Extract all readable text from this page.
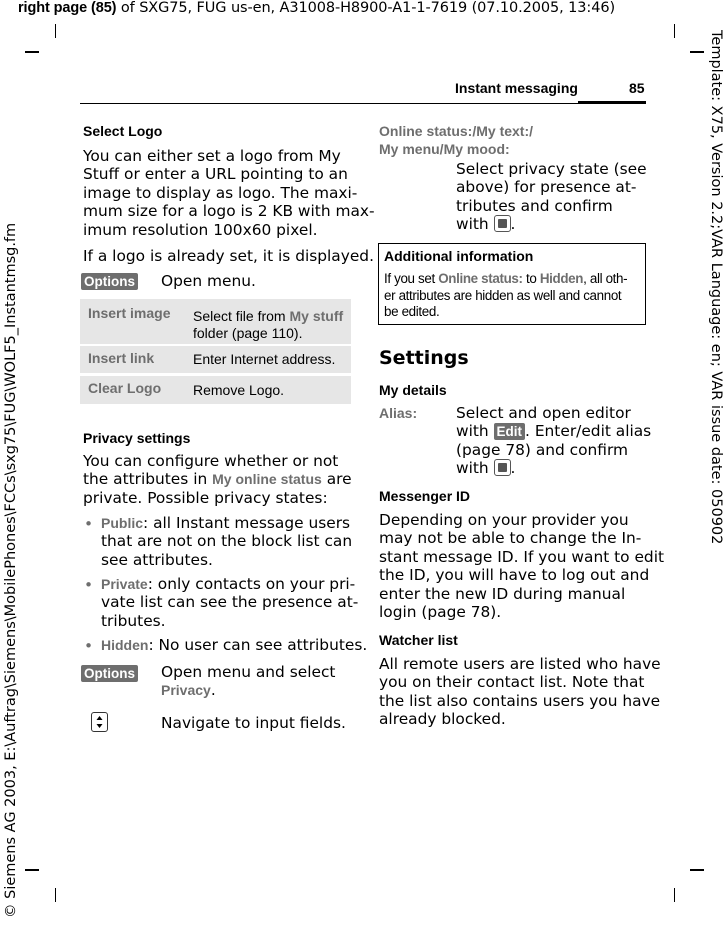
right page (85) of SXG75, FUG us-en, A31008-H8900-A1-1-7619 (07.10.2005, 13:46)
© Siemens AG 2003, E:\Auftrag\Siemens\MobilePhones\FCCs\sxg75\FUG\WOLF5_Instantmsg.fm	Template: X75, Version 2.2;VAR Language: en; VAR issue date: 050902
Instant messaging	85
Select Logo

You can either set a logo from My

Stuff or enter a URL pointing to an

image to display as logo. The maxi-

mum size for a logo is 2 KB with max-

imum resolution 100x60 pixel.

If a logo is already set, it is displayed.
Options Open menu.
Insert image Select file from My stuff
folder (page 110).
Insert link	Enter Internet address.
Clear Logo Remove Logo.
Privacy settings

You can configure whether or not

the attributes in My online status are

private. Possible privacy states:

• Public: all Instant message users

that are not on the block list can

see attributes.

• Private: only contacts on your pri-

vate list can see the presence at-

tributes.

• Hidden: No user can see attributes.

Options Open menu and select

Privacy.

Navigate to input fields.
Online status:/My text:/
My menu/My mood:

Select privacy state (see

above) for presence at-

tributes and confirm

with .

Additional information
If you set Online status: to Hidden, all oth-
er attributes are hidden as well and cannot
be edited.
Settings
My details
Alias:	Select and open editor

with Edit . Enter/edit alias

(page 78) and confirm

with .

Messenger ID

Depending on your provider you

may not be able to change the In-

stant message ID. If you want to edit

the ID, you will have to log out and

enter the new ID during manual

login (page 78).

Watcher list

All remote users are listed who have

you on their contact list. Note that

the list also contains users you have

already blocked.
